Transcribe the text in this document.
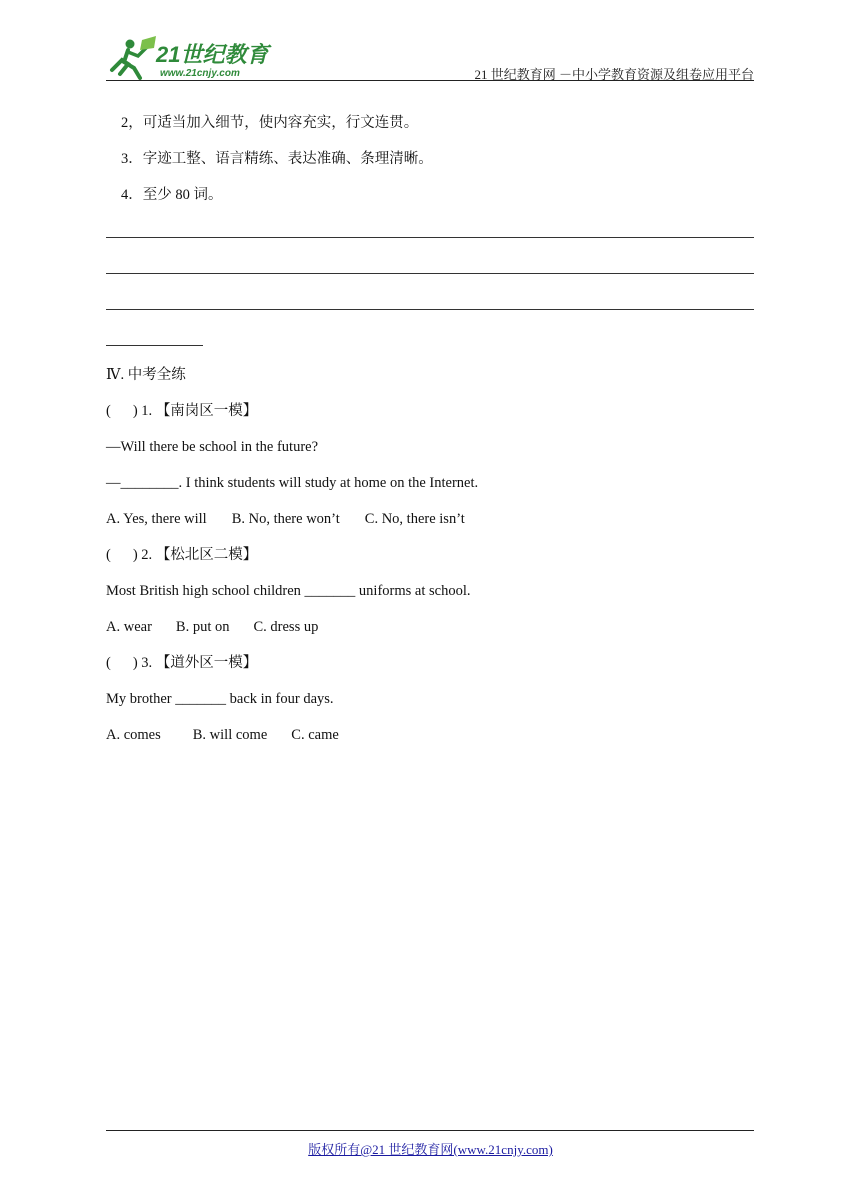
21世纪教育
www.21cnjy.com	21 世纪教育网 －中小学教育资源及组卷应用平台
2，可适当加入细节，使内容充实，行文连贯。
3．字迹工整、语言精练、表达准确、条理清晰。
4．至少 80 词。
Ⅳ. 中考全练
( ) 1. 【南岗区一模】
—Will there be school in the future?
—________. I think students will study at home on the Internet.
A. Yes, there will B. No, there won’t C. No, there isn’t
( ) 2. 【松北区二模】
Most British high school children _______ uniforms at school.
A. wear B. put on C. dress up
( ) 3. 【道外区一模】
My brother _______ back in four days.
A. comes B. will come C. came
版权所有@21 世纪教育网(www.21cnjy.com)
